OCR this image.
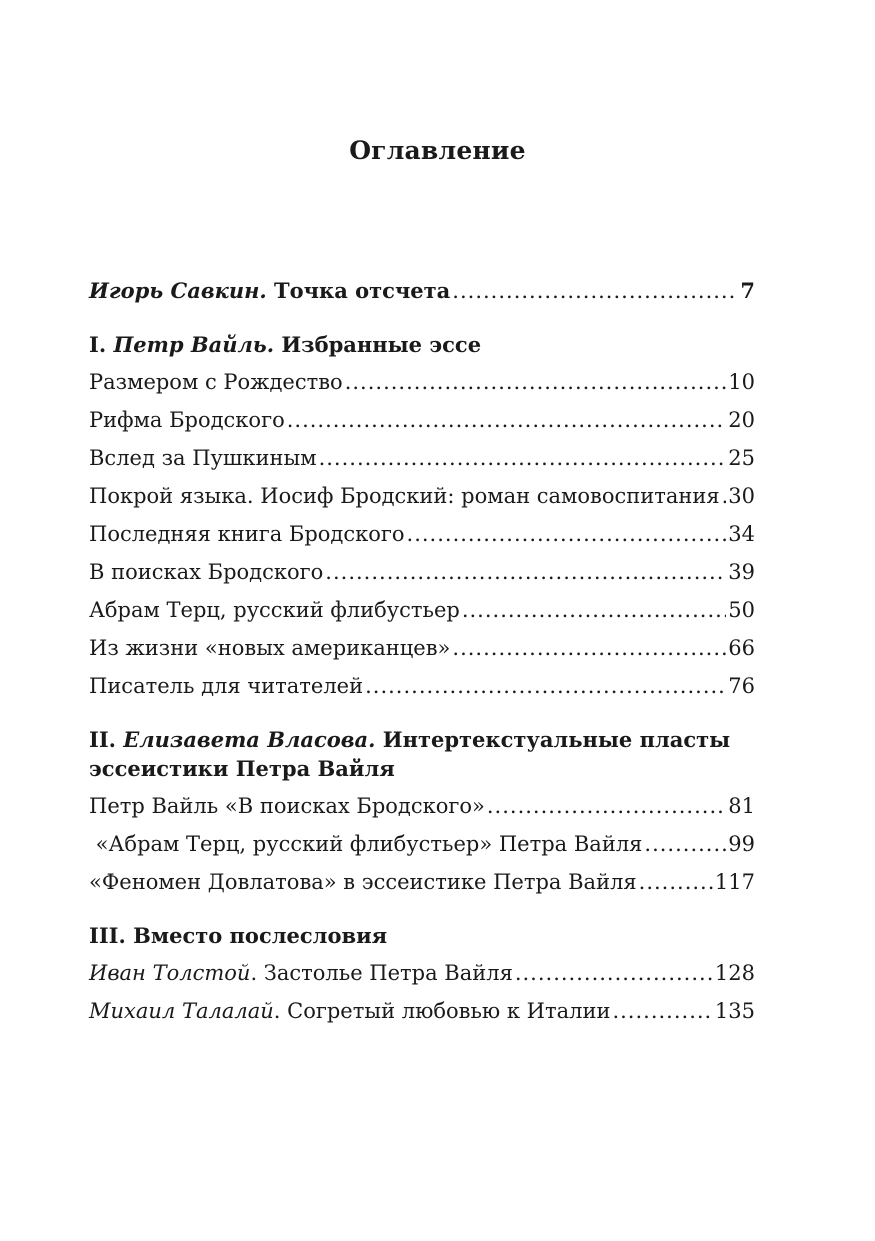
Оглавление
Игорь Савкин. Точка отсчета .....	7
I. Петр Вайль. Избранные эссе
Размером с Рождество .....	10
Рифма Бродского .....	20
Вслед за Пушкиным .....	25
Покрой языка. Иосиф Бродский: роман самовоспитания ..... 30
Последняя книга Бродского .....	34
В поисках Бродского .....	39
Абрам Терц, русский флибустьер .....	50
Из жизни «новых американцев» .....	66
Писатель для читателей .....	76
II. Елизавета Власова. Интертекстуальные пласты
эссеистики Петра Вайля
Петр Вайль «В поисках Бродского» .....	81
«Абрам Терц, русский флибустьер» Петра Вайля .....	99
«Феномен Довлатова» в эссеистике Петра Вайля .....	117
III. Вместо послесловия
Иван Толстой. Застолье Петра Вайля .....	128
Михаил Талалай. Согретый любовью к Италии .....	135
